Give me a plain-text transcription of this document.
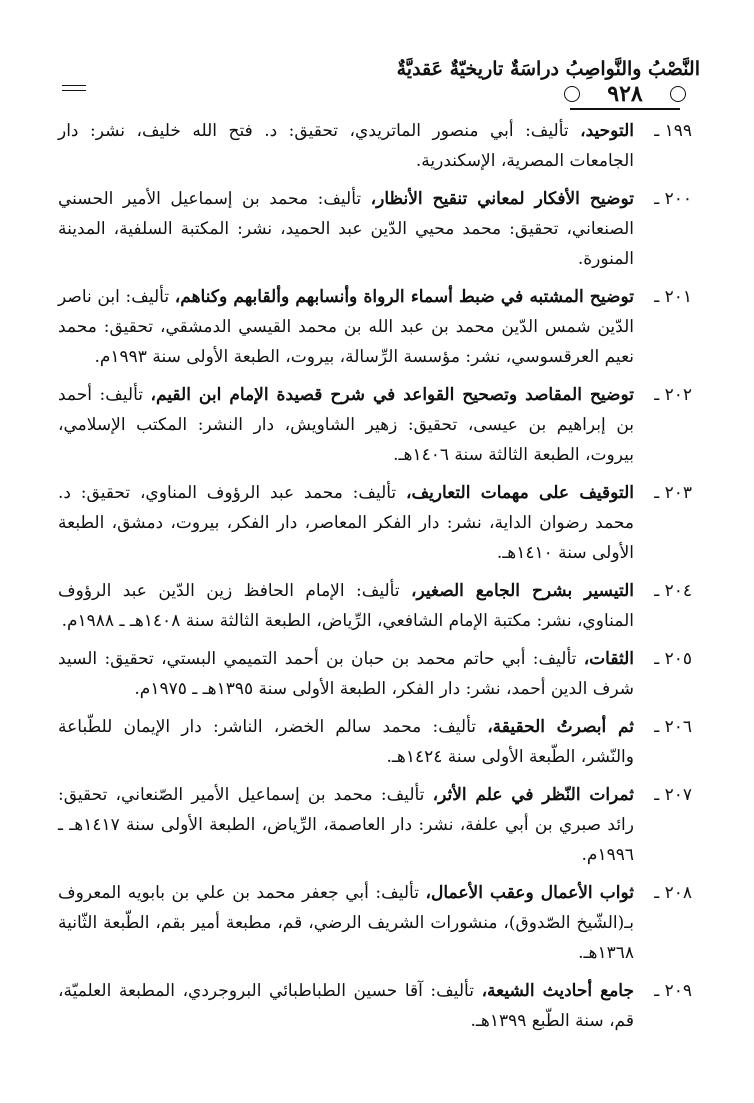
النَّصْبُ والنَّواصِبُ دراسَةٌ تاريخيّةٌ عَقديَّةٌ
٩٢٨
١٩٩ ـ
التوحيد، تأليف: أبي منصور الماتريدي، تحقيق: د. فتح الله خليف، نشر: دار الجامعات المصرية، الإسكندرية.
٢٠٠ ـ
توضيح الأفكار لمعاني تنقيح الأنظار، تأليف: محمد بن إسماعيل الأمير الحسني الصنعاني، تحقيق: محمد محيي الدّين عبد الحميد، نشر: المكتبة السلفية، المدينة المنورة.
٢٠١ ـ
توضيح المشتبه في ضبط أسماء الرواة وأنسابهم وألقابهم وكناهم، تأليف: ابن ناصر الدّين شمس الدّين محمد بن عبد الله بن محمد القيسي الدمشقي، تحقيق: محمد نعيم العرقسوسي، نشر: مؤسسة الرِّسالة، بيروت، الطبعة الأولى سنة ١٩٩٣م.
٢٠٢ ـ
توضيح المقاصد وتصحيح القواعد في شرح قصيدة الإمام ابن القيم، تأليف: أحمد بن إبراهيم بن عيسى، تحقيق: زهير الشاويش، دار النشر: المكتب الإسلامي، بيروت، الطبعة الثالثة سنة ١٤٠٦هـ.
٢٠٣ ـ
التوقيف على مهمات التعاريف، تأليف: محمد عبد الرؤوف المناوي، تحقيق: د. محمد رضوان الداية، نشر: دار الفكر المعاصر، دار الفكر، بيروت، دمشق، الطبعة الأولى سنة ١٤١٠هـ.
٢٠٤ ـ
التيسير بشرح الجامع الصغير، تأليف: الإمام الحافظ زين الدّين عبد الرؤوف المناوي، نشر: مكتبة الإمام الشافعي، الرِّياض، الطبعة الثالثة سنة ١٤٠٨هـ ـ ١٩٨٨م.
٢٠٥ ـ
الثقات، تأليف: أبي حاتم محمد بن حبان بن أحمد التميمي البستي، تحقيق: السيد شرف الدين أحمد، نشر: دار الفكر، الطبعة الأولى سنة ١٣٩٥هـ ـ ١٩٧٥م.
٢٠٦ ـ
ثم أبصرتُ الحقيقة، تأليف: محمد سالم الخضر، الناشر: دار الإيمان للطّباعة والنّشر، الطّبعة الأولى سنة ١٤٢٤هـ.
٢٠٧ ـ
ثمرات النّظر في علم الأثر، تأليف: محمد بن إسماعيل الأمير الصّنعاني، تحقيق: رائد صبري بن أبي علفة، نشر: دار العاصمة، الرِّياض، الطبعة الأولى سنة ١٤١٧هـ ـ ١٩٩٦م.
٢٠٨ ـ
ثواب الأعمال وعقب الأعمال، تأليف: أبي جعفر محمد بن علي بن بابويه المعروف بـ(الشّيخ الصّدوق)، منشورات الشريف الرضي، قم، مطبعة أمير بقم، الطّبعة الثّانية ١٣٦٨هـ.
٢٠٩ ـ
جامع أحاديث الشيعة، تأليف: آقا حسين الطباطبائي البروجردي، المطبعة العلميّة، قم، سنة الطّبع ١٣٩٩هـ.
